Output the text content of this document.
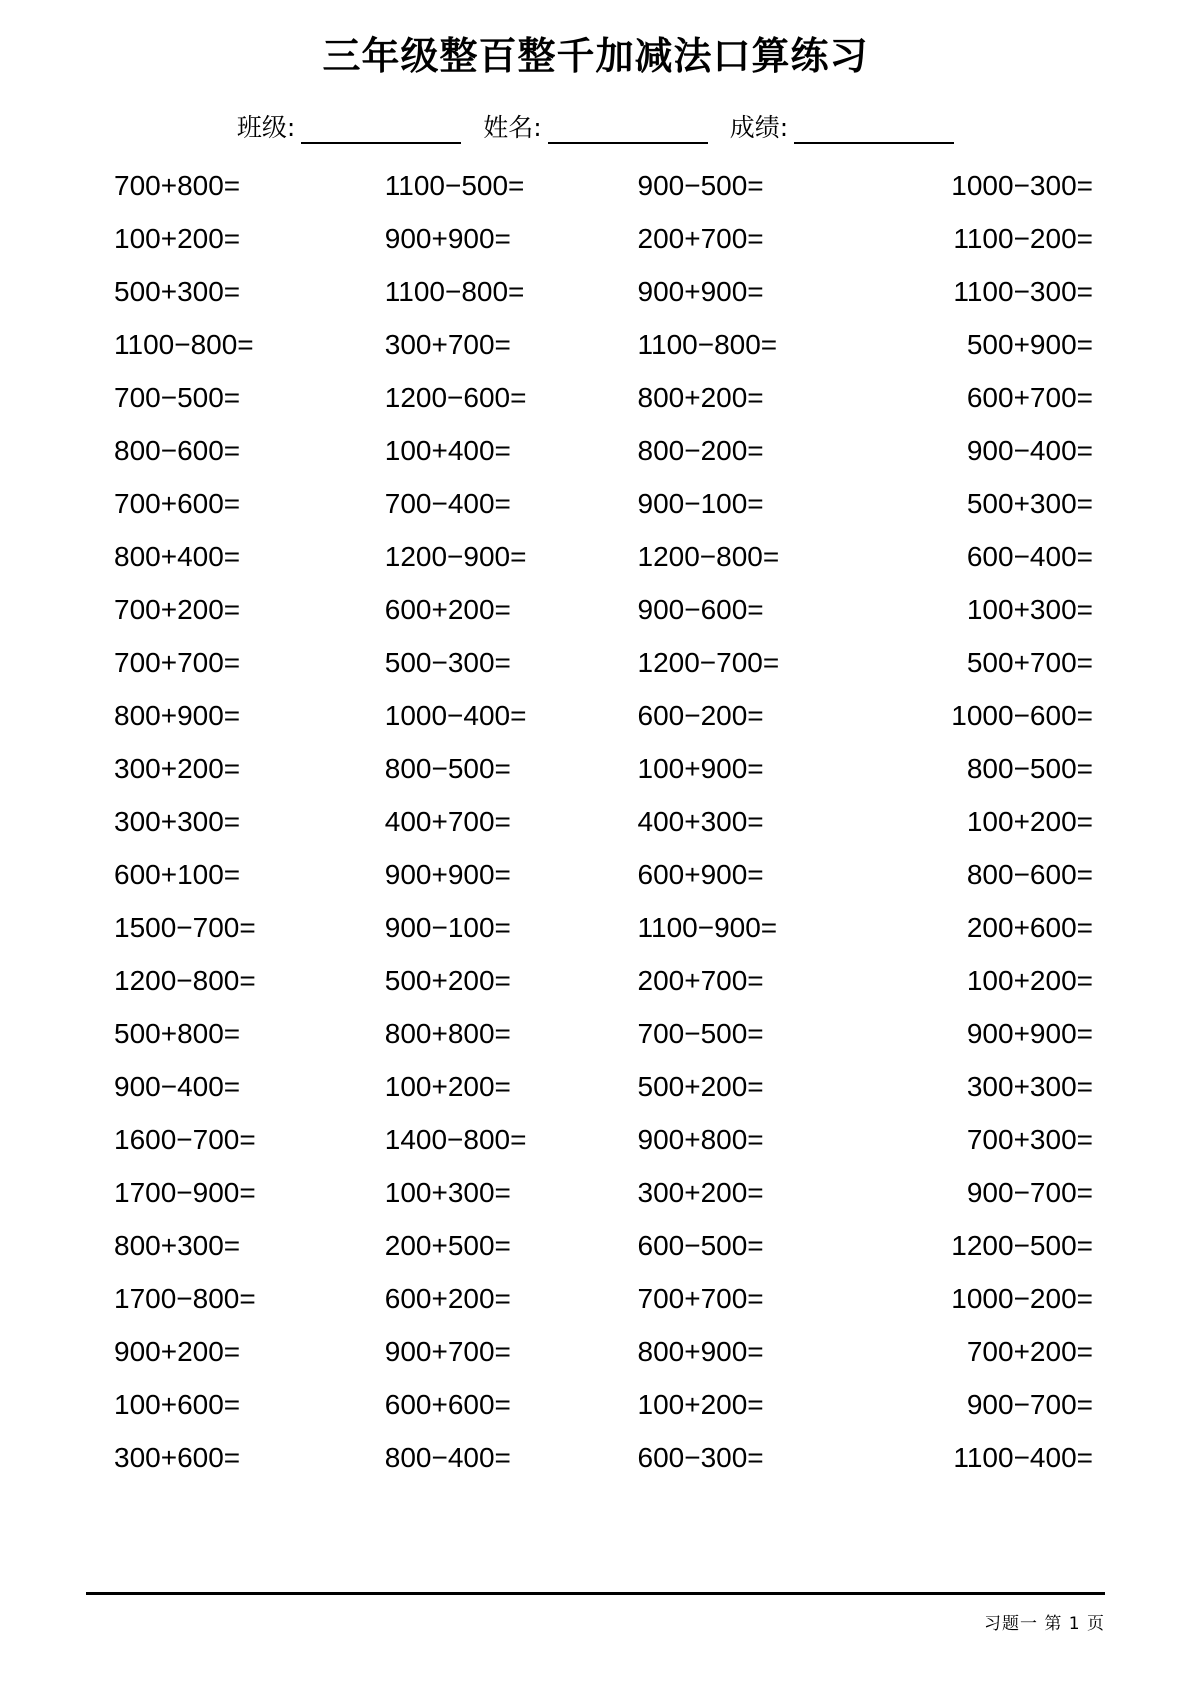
三年级整百整千加减法口算练习
班级:	姓名:	成绩:
700+800=	1100−500=	900−500=	1000−300=
100+200=	900+900=	200+700=	1100−200=
500+300=	1100−800=	900+900=	1100−300=
1100−800=	300+700=	1100−800=	500+900=
700−500=	1200−600=	800+200=	600+700=
800−600=	100+400=	800−200=	900−400=
700+600=	700−400=	900−100=	500+300=
800+400=	1200−900=	1200−800=	600−400=
700+200=	600+200=	900−600=	100+300=
700+700=	500−300=	1200−700=	500+700=
800+900=	1000−400=	600−200=	1000−600=
300+200=	800−500=	100+900=	800−500=
300+300=	400+700=	400+300=	100+200=
600+100=	900+900=	600+900=	800−600=
1500−700=	900−100=	1100−900=	200+600=
1200−800=	500+200=	200+700=	100+200=
500+800=	800+800=	700−500=	900+900=
900−400=	100+200=	500+200=	300+300=
1600−700=	1400−800=	900+800=	700+300=
1700−900=	100+300=	300+200=	900−700=
800+300=	200+500=	600−500=	1200−500=
1700−800=	600+200=	700+700=	1000−200=
900+200=	900+700=	800+900=	700+200=
100+600=	600+600=	100+200=	900−700=
300+600=	800−400=	600−300=	1100−400=
习题一 第 1 页
